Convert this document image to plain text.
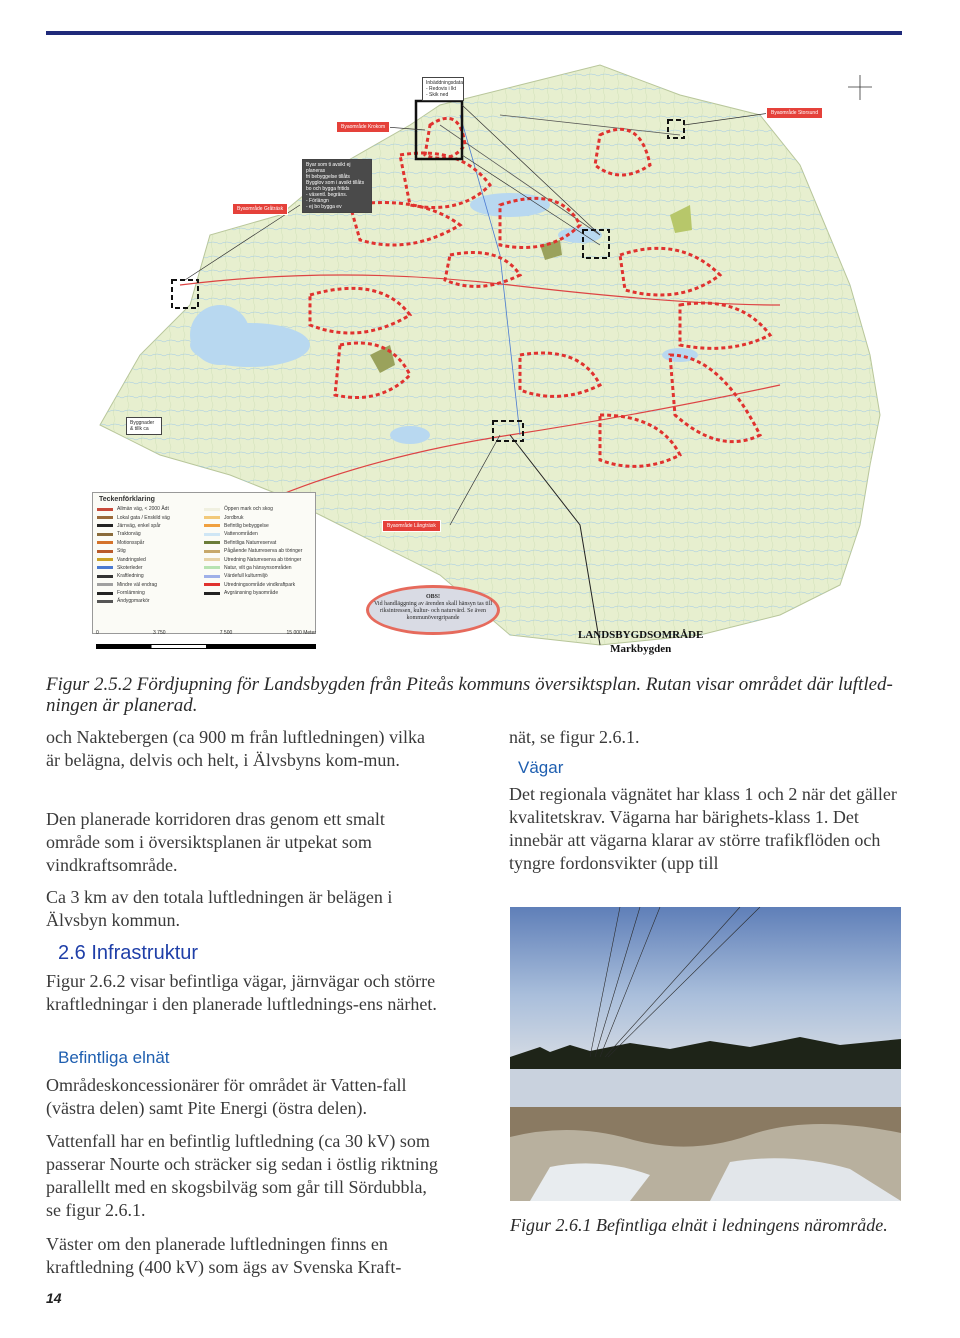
Byaområde Krokom
Byaområde Storsund
Byaområde Gråträsk
Byaområde Långträsk
Inbäddningsdata
- Redovis i lkt
- Skik ned
Byar som ti avsikt ej planeras
fri bebyggelse tillåts
Bygglov som i avsikt tillåts
bo och bygga fritids
- väsentl. begräns.
- Förlängn
- ej bo bygga ev
Byggnader
& tillk ca
Teckenförklaring
Allmän väg, < 2000 Ådt
Lokal gata / Enskild väg
Järnväg, enkel spår
Traktorväg
Motionsspår
Stig
Vandringsled
Skoterleder
Kraftledning
Mindre väl endrag
Fornlämning
Ändygpmarkör
Öppen mark och skog
Jordbruk
Befintlig bebyggelse
Vattenområden
Befintliga Naturreservat
Pågående Naturreserva ab töringer
Utredning Naturreserva ab töringer
Natur, vilt ga hänsynsområden
Värdefull kulturmiljö
Utredningsområde vindkraftpark
Avgränsning byaområde
0	3 750	7 500	15 000 Meter
OBS!
Vid handläggning av ärenden skall hänsyn tas till riksintressen, kultur- och naturvärd. Se även kommunövergripande
LANDSBYGDSOMRÅDE
Markbygden
Figur 2.5.2 Fördjupning för Landsbygden från Piteås kommuns översiktsplan. Rutan visar området där luftled-ningen är planerad.

och Naktebergen (ca 900 m från luftledningen) vilka är belägna, delvis och helt, i Älvsbyns kom-mun.

Den planerade korridoren dras genom ett smalt område som i översiktsplanen är utpekat som vindkraftsområde.

Ca 3 km av den totala luftledningen är belägen i Älvsbyn kommun.

2.6 Infrastruktur

Figur 2.6.2 visar befintliga vägar, järnvägar och större kraftledningar i den planerade luftlednings-ens närhet.

Befintliga elnät

Områdeskoncessionärer för området är Vatten-fall (västra delen) samt Pite Energi (östra delen).

Vattenfall har en befintlig luftledning (ca 30 kV) som passerar Nourte och sträcker sig sedan i östlig riktning parallellt med en skogsbilväg som går till Sördubbla, se figur 2.6.1.

Väster om den planerade luftledningen finns en kraftledning (400 kV) som ägs av Svenska Kraft-

nät, se figur 2.6.1.

Vägar

Det regionala vägnätet har klass 1 och 2 när det gäller kvalitetskrav. Vägarna har bärighets-klass 1. Det innebär att vägarna klarar av större trafikflöden och tyngre fordonsvikter (upp till

Figur 2.6.1 Befintliga elnät i ledningens närområde.
14
